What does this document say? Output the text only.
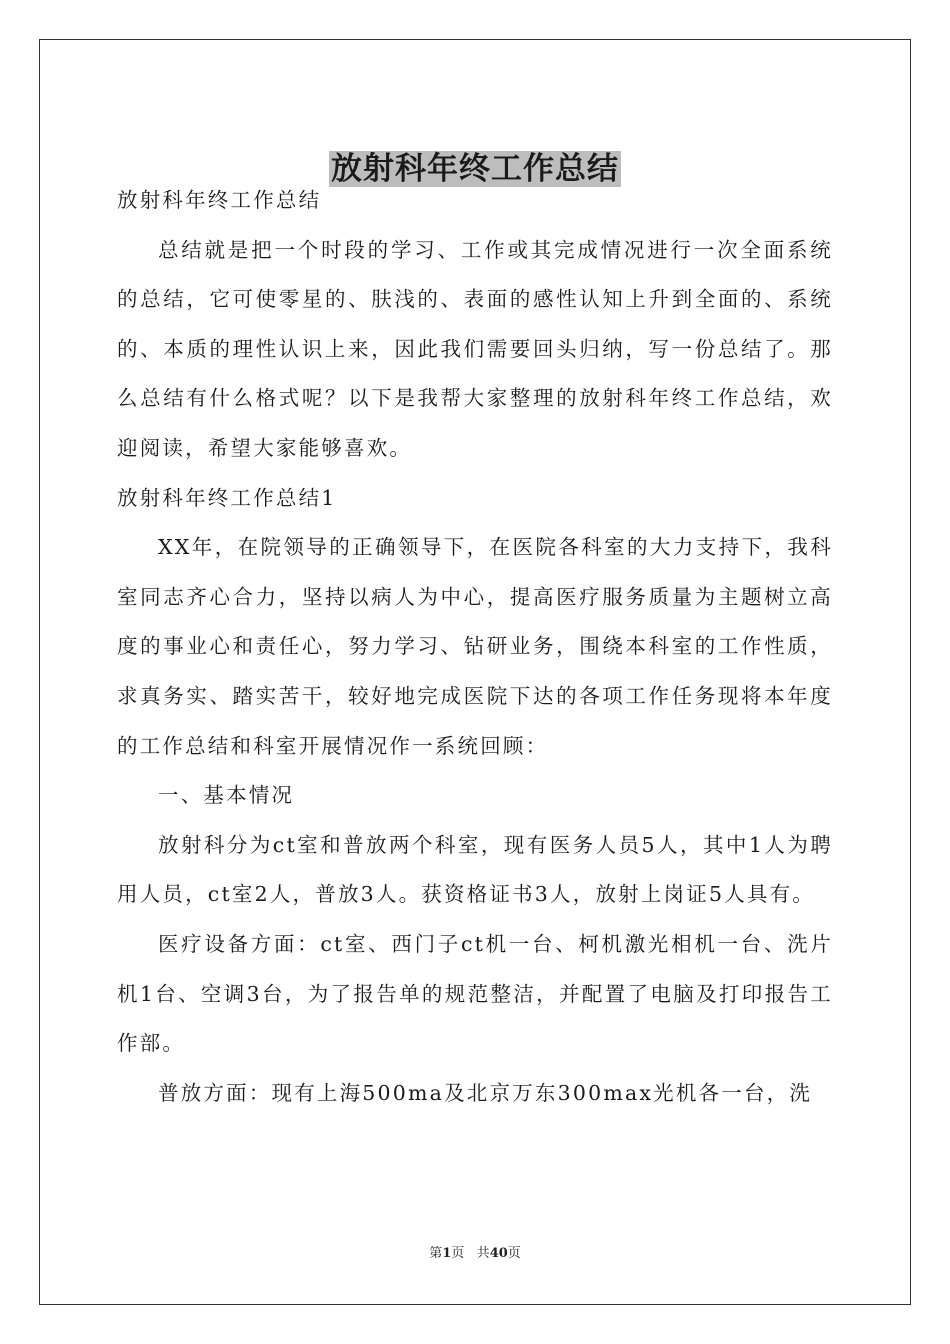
放射科年终工作总结

放射科年终工作总结

总结就是把一个时段的学习、工作或其完成情况进行一次全面系统的总结，它可使零星的、肤浅的、表面的感性认知上升到全面的、系统的、本质的理性认识上来，因此我们需要回头归纳，写一份总结了。那么总结有什么格式呢？以下是我帮大家整理的放射科年终工作总结，欢迎阅读，希望大家能够喜欢。

放射科年终工作总结1

XX年，在院领导的正确领导下，在医院各科室的大力支持下，我科室同志齐心合力，坚持以病人为中心，提高医疗服务质量为主题树立高度的事业心和责任心，努力学习、钻研业务，围绕本科室的工作性质，求真务实、踏实苦干，较好地完成医院下达的各项工作任务现将本年度的工作总结和科室开展情况作一系统回顾：

一、基本情况

放射科分为ct室和普放两个科室，现有医务人员5人，其中1人为聘用人员，ct室2人，普放3人。获资格证书3人，放射上岗证5人具有。

医疗设备方面：ct室、西门子ct机一台、柯机激光相机一台、洗片机1台、空调3台，为了报告单的规范整洁，并配置了电脑及打印报告工作部。

普放方面：现有上海500ma及北京万东300max光机各一台，洗

第1页 共40页
